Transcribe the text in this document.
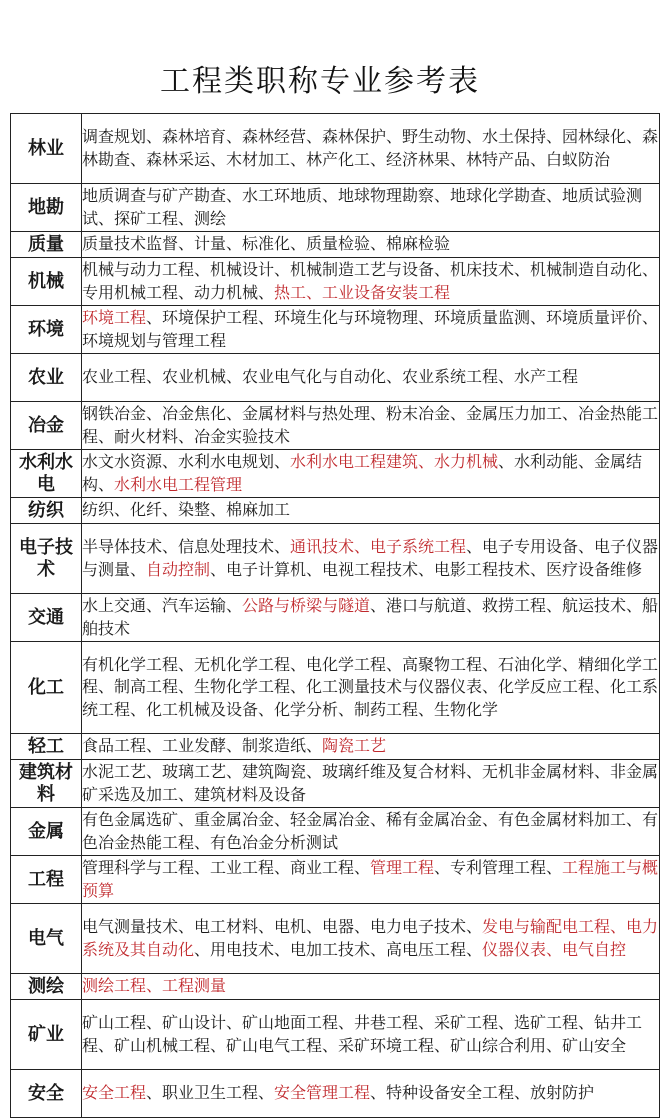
工程类职称专业参考表
林业	调查规划、森林培育、森林经营、森林保护、野生动物、水土保持、园林绿化、森林勘查、森林采运、木材加工、林产化工、经济林果、林特产品、白蚁防治
地勘	地质调查与矿产勘查、水工环地质、地球物理勘察、地球化学勘查、地质试验测试、探矿工程、测绘
质量	质量技术监督、计量、标准化、质量检验、棉麻检验
机械	机械与动力工程、机械设计、机械制造工艺与设备、机床技术、机械制造自动化、专用机械工程、动力机械、热工、工业设备安装工程
环境	环境工程、环境保护工程、环境生化与环境物理、环境质量监测、环境质量评价、环境规划与管理工程
农业	农业工程、农业机械、农业电气化与自动化、农业系统工程、水产工程
冶金	钢铁冶金、冶金焦化、金属材料与热处理、粉末冶金、金属压力加工、冶金热能工程、耐火材料、冶金实验技术
水利水电	水文水资源、水利水电规划、水利水电工程建筑、水力机械、水利动能、金属结构、水利水电工程管理
纺织	纺织、化纤、染整、棉麻加工
电子技术	半导体技术、信息处理技术、通讯技术、电子系统工程、电子专用设备、电子仪器与测量、自动控制、电子计算机、电视工程技术、电影工程技术、医疗设备维修
交通	水上交通、汽车运输、公路与桥梁与隧道、港口与航道、救捞工程、航运技术、船舶技术
化工	有机化学工程、无机化学工程、电化学工程、高聚物工程、石油化学、精细化学工程、制高工程、生物化学工程、化工测量技术与仪器仪表、化学反应工程、化工系统工程、化工机械及设备、化学分析、制药工程、生物化学
轻工	食品工程、工业发酵、制浆造纸、陶瓷工艺
建筑材料	水泥工艺、玻璃工艺、建筑陶瓷、玻璃纤维及复合材料、无机非金属材料、非金属矿采选及加工、建筑材料及设备
金属	有色金属选矿、重金属冶金、轻金属冶金、稀有金属冶金、有色金属材料加工、有色冶金热能工程、有色冶金分析测试
工程	管理科学与工程、工业工程、商业工程、管理工程、专利管理工程、工程施工与概预算
电气	电气测量技术、电工材料、电机、电器、电力电子技术、发电与输配电工程、电力系统及其自动化、用电技术、电加工技术、高电压工程、仪器仪表、电气自控
测绘	测绘工程、工程测量
矿业	矿山工程、矿山设计、矿山地面工程、井巷工程、采矿工程、选矿工程、钻井工程、矿山机械工程、矿山电气工程、采矿环境工程、矿山综合利用、矿山安全
安全	安全工程、职业卫生工程、安全管理工程、特种设备安全工程、放射防护
